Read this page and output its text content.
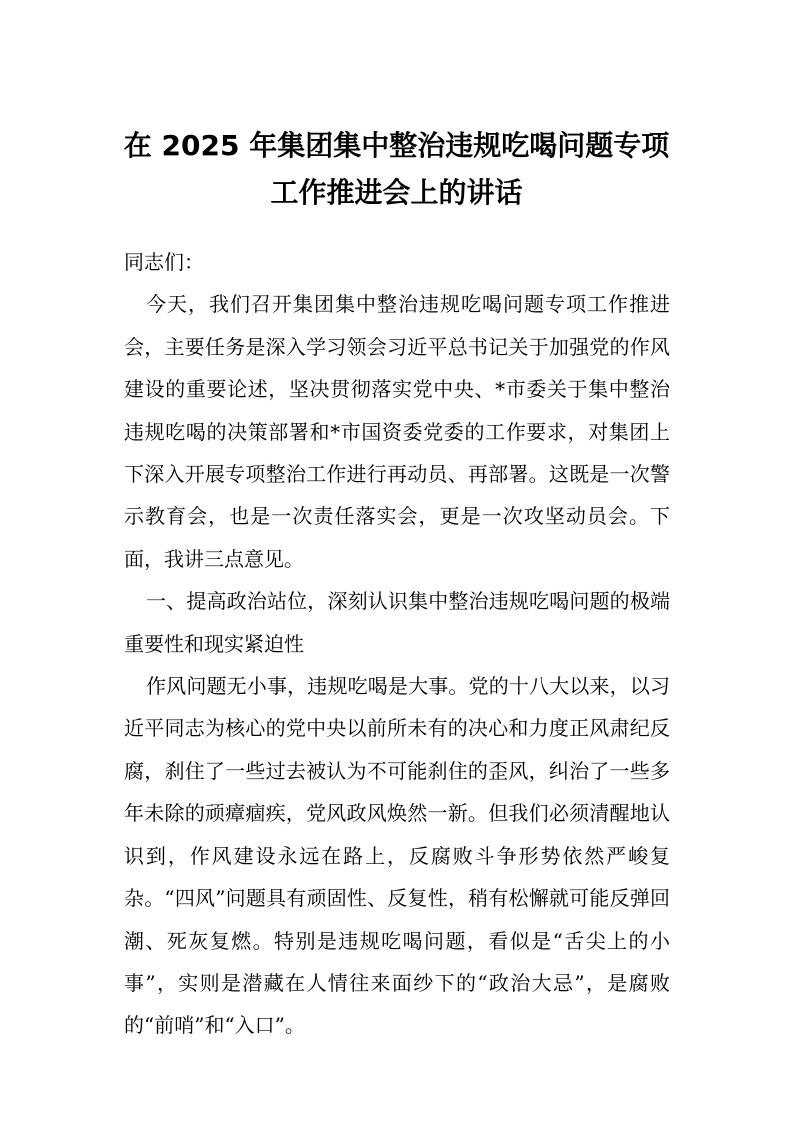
在 2025 年集团集中整治违规吃喝问题专项
工作推进会上的讲话

同志们：

今天，我们召开集团集中整治违规吃喝问题专项工作推进会，主要任务是深入学习领会习近平总书记关于加强党的作风建设的重要论述，坚决贯彻落实党中央、*市委关于集中整治违规吃喝的决策部署和*市国资委党委的工作要求，对集团上下深入开展专项整治工作进行再动员、再部署。这既是一次警示教育会，也是一次责任落实会，更是一次攻坚动员会。下面，我讲三点意见。

一、提高政治站位，深刻认识集中整治违规吃喝问题的极端重要性和现实紧迫性

作风问题无小事，违规吃喝是大事。党的十八大以来，以习近平同志为核心的党中央以前所未有的决心和力度正风肃纪反腐，刹住了一些过去被认为不可能刹住的歪风，纠治了一些多年未除的顽瘴痼疾，党风政风焕然一新。但我们必须清醒地认识到，作风建设永远在路上，反腐败斗争形势依然严峻复杂。“四风”问题具有顽固性、反复性，稍有松懈就可能反弹回潮、死灰复燃。特别是违规吃喝问题，看似是“舌尖上的小事”，实则是潜藏在人情往来面纱下的“政治大忌”，是腐败的“前哨”和“入口”。
